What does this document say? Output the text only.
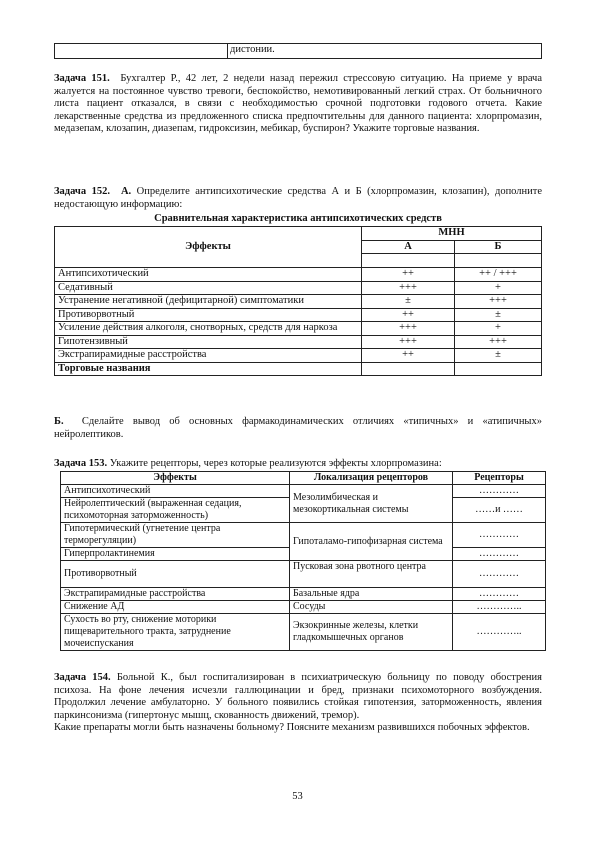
	дистонии.
Задача 151. Бухгалтер Р., 42 лет, 2 недели назад пережил стрессовую ситуацию. На приеме у врача жалуется на постоянное чувство тревоги, беспокойство, немотивированный легкий страх. От больничного листа пациент отказался, в связи с необходимостью срочной подготовки годового отчета. Какие лекарственные средства из предложенного списка предпочтительны для данного пациента: хлорпромазин, медазепам, клозапин, диазепам, гидроксизин, мебикар, буспирон? Укажите торговые названия.
Задача 152. А. Определите антипсихотические средства А и Б (хлорпромазин, клозапин), дополните недостающую информацию:
Сравнительная характеристика антипсихотических средств
Эффекты	МНН	
	А	Б

Антипсихотический	++	++ / +++
Седативный	+++	+
Устранение негативной (дефицитарной) симптоматики	±	+++
Противорвотный	++	±
Усиление действия алкоголя, снотворных, средств для наркоза	+++	+
Гипотензивный	+++	+++
Экстрапирамидные расстройства	++	±
Торговые названия		
Б. Сделайте вывод об основных фармакодинамических отличиях «типичных» и «атипичных» нейролептиков.
Задача 153. Укажите рецепторы, через которые реализуются эффекты хлорпромазина:
Эффекты	Локализация рецепторов	Рецепторы
Антипсихотический	Мезолимбическая и мезокортикальная системы	…………
Нейролептический (выраженная седация, психомоторная заторможенность)		……и ……
Гипотермический (угнетение центра терморегуляции)	Гипоталамо-гипофизарная система	…………
Гиперпролактинемия		…………
Противорвотный	Пусковая зона рвотного центра	…………
Экстрапирамидные расстройства	Базальные ядра	…………
Снижение АД	Сосуды	…………..
Сухость во рту, снижение моторики пищеварительного тракта, затруднение мочеиспускания	Экзокринные железы, клетки гладкомышечных органов	…………..
Задача 154. Больной К., был госпитализирован в психиатрическую больницу по поводу обострения психоза. На фоне лечения исчезли галлюцинации и бред, признаки психомоторного возбуждения. Продолжил лечение амбулаторно. У больного появились стойкая гипотензия, заторможенность, явления паркинсонизма (гипертонус мышц, скованность движений, тремор).
Какие препараты могли быть назначены больному? Поясните механизм развившихся побочных эффектов.
53
